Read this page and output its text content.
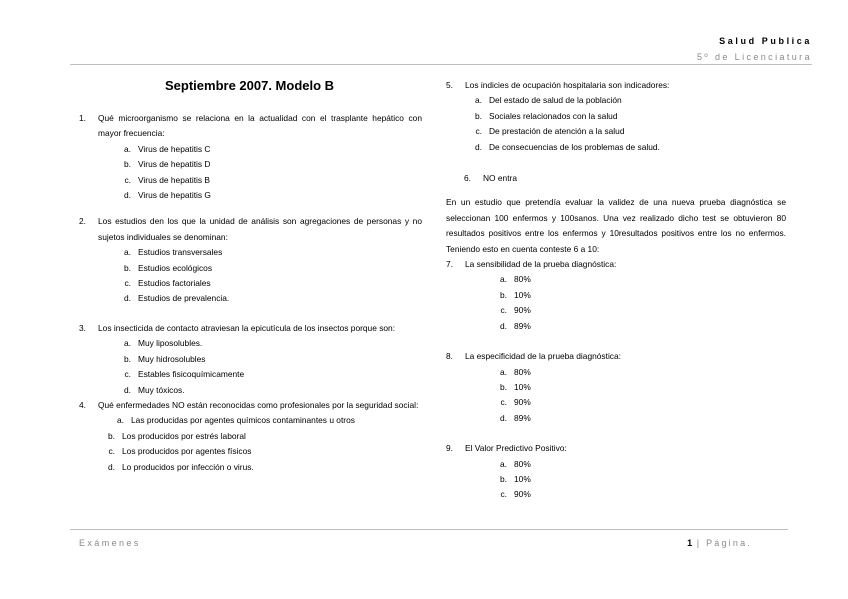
Salud Publica
5º de Licenciatura
Septiembre 2007. Modelo B
1.	Qué microorganismo se relaciona en la actualidad con el trasplante hepático con mayor frecuencia:
a. Virus de hepatitis C
b. Virus de hepatitis D
c. Virus de hepatitis B
d. Virus de hepatitis G
2.	Los estudios den los que la unidad de análisis son agregaciones de personas y no sujetos individuales se denominan:
a. Estudios transversales
b. Estudios ecológicos
c. Estudios factoriales
d. Estudios de prevalencia.
3.	Los insecticida de contacto atraviesan la epicutícula de los insectos porque son:
a. Muy liposolubles.
b. Muy hidrosolubles
c. Estables fisicoquímicamente
d. Muy tóxicos.
4.	Qué enfermedades NO están reconocidas como profesionales por la seguridad social:
a. Las producidas por agentes químicos contaminantes u otros
b. Los producidos por estrés laboral
c. Los producidos por agentes físicos
d. Lo producidos por infección o virus.
5.	Los indicies de ocupación hospitalaria son indicadores:
a. Del estado de salud de la población
b. Sociales relacionados con la salud
c. De prestación de atención a la salud
d. De consecuencias de los problemas de salud.
6.	NO entra
En un estudio que pretendía evaluar la validez de una nueva prueba diagnóstica se seleccionan 100 enfermos y 100sanos. Una vez realizado dicho test se obtuvieron 80 resultados positivos entre los enfermos y 10resultados positivos entre los no enfermos. Teniendo esto en cuenta conteste 6 a 10:
7.	La sensibilidad de la prueba diagnóstica:
a. 80%
b. 10%
c. 90%
d. 89%
8.	La especificidad de la prueba diagnóstica:
a. 80%
b. 10%
c. 90%
d. 89%
9.	El Valor Predictivo Positivo:
a. 80%
b. 10%
c. 90%
Exámenes	1 | Página.
